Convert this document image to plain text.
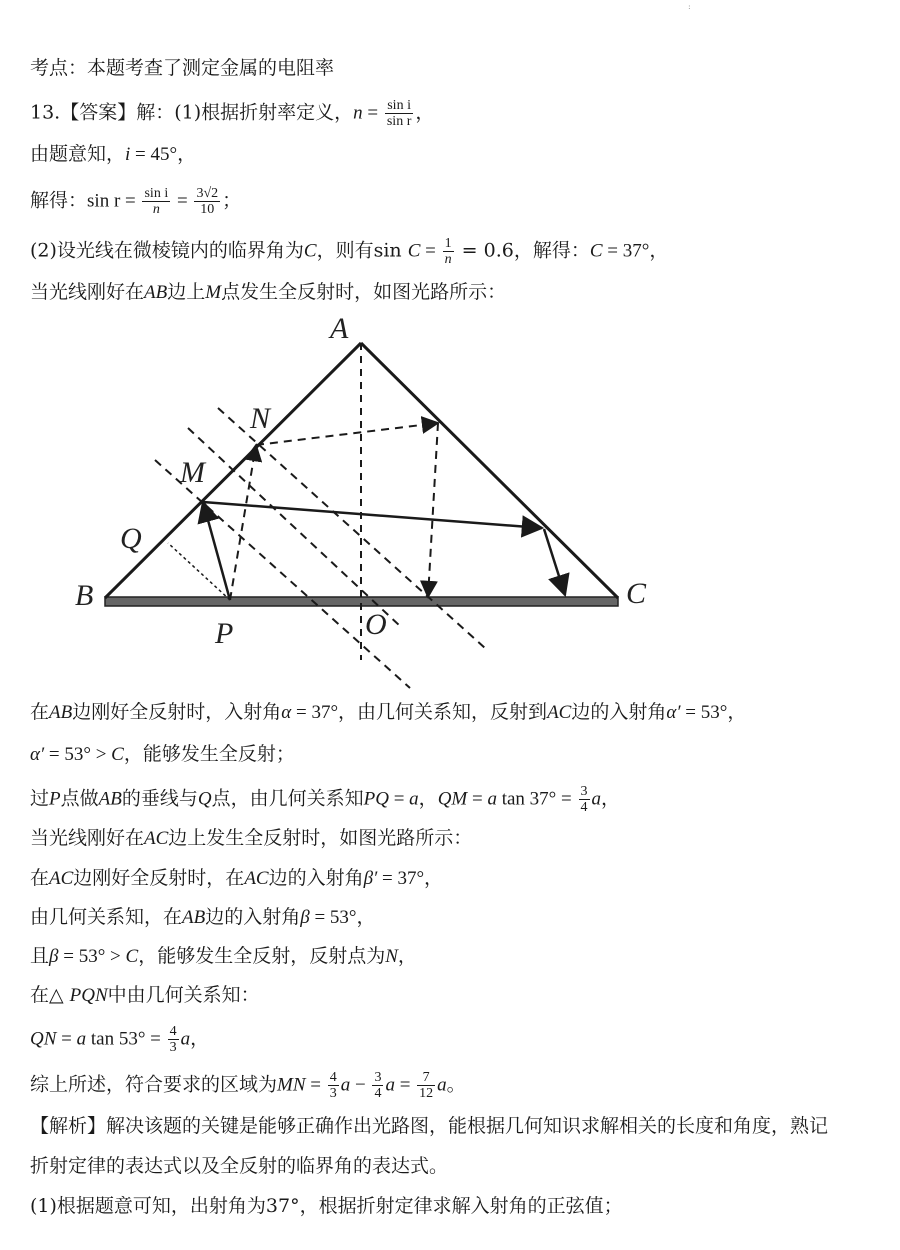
:
考点：本题考查了测定金属的电阻率
13.【答案】解：(1)根据折射率定义，$n = \frac{\text{sin i}}{\text{sin r}}$ ，
由题意知，i = 45°，
解得：$\sin r = \frac{\text{sin i}}{n} = \frac{3√2}{10}$ ；
(2)设光线在微棱镜内的临界角为C，则有$\sin C = \frac{1}{n} = 0.6$，解得：C = 37°，
当光线刚好在AB边上M点发生全反射时，如图光路所示：
A
N
M
Q
B
P	O
C
在AB边刚好全反射时，入射角α = 37°，由几何关系知，反射到AC边的入射角α′ = 53°，
α′ = 53° > C，能够发生全反射；
过P点做AB的垂线与Q点，由几何关系知PQ = a，QM = a $\tan 37^\circ = \frac{3}{4}$ a，
当光线刚好在AC边上发生全反射时，如图光路所示：
在AC边刚好全反射时，在AC边的入射角β′ = 37°，
由几何关系知，在AB边的入射角β = 53°，
且β = 53° > C，能够发生全反射，反射点为N，
在△ PQN中由几何关系知：
QN = a $\tan 53^\circ = \frac{4}{3}$ a，
综上所述，符合要求的区域为MN = $\frac{4}{3}$ $a - \frac{3}{4}$ $a = \frac{7}{12}$ a。
【解析】解决该题的关键是能够正确作出光路图，能根据几何知识求解相关的长度和角度，熟记
折射定律的表达式以及全反射的临界角的表达式。
(1)根据题意可知，出射角为37°，根据折射定律求解入射角的正弦值；
